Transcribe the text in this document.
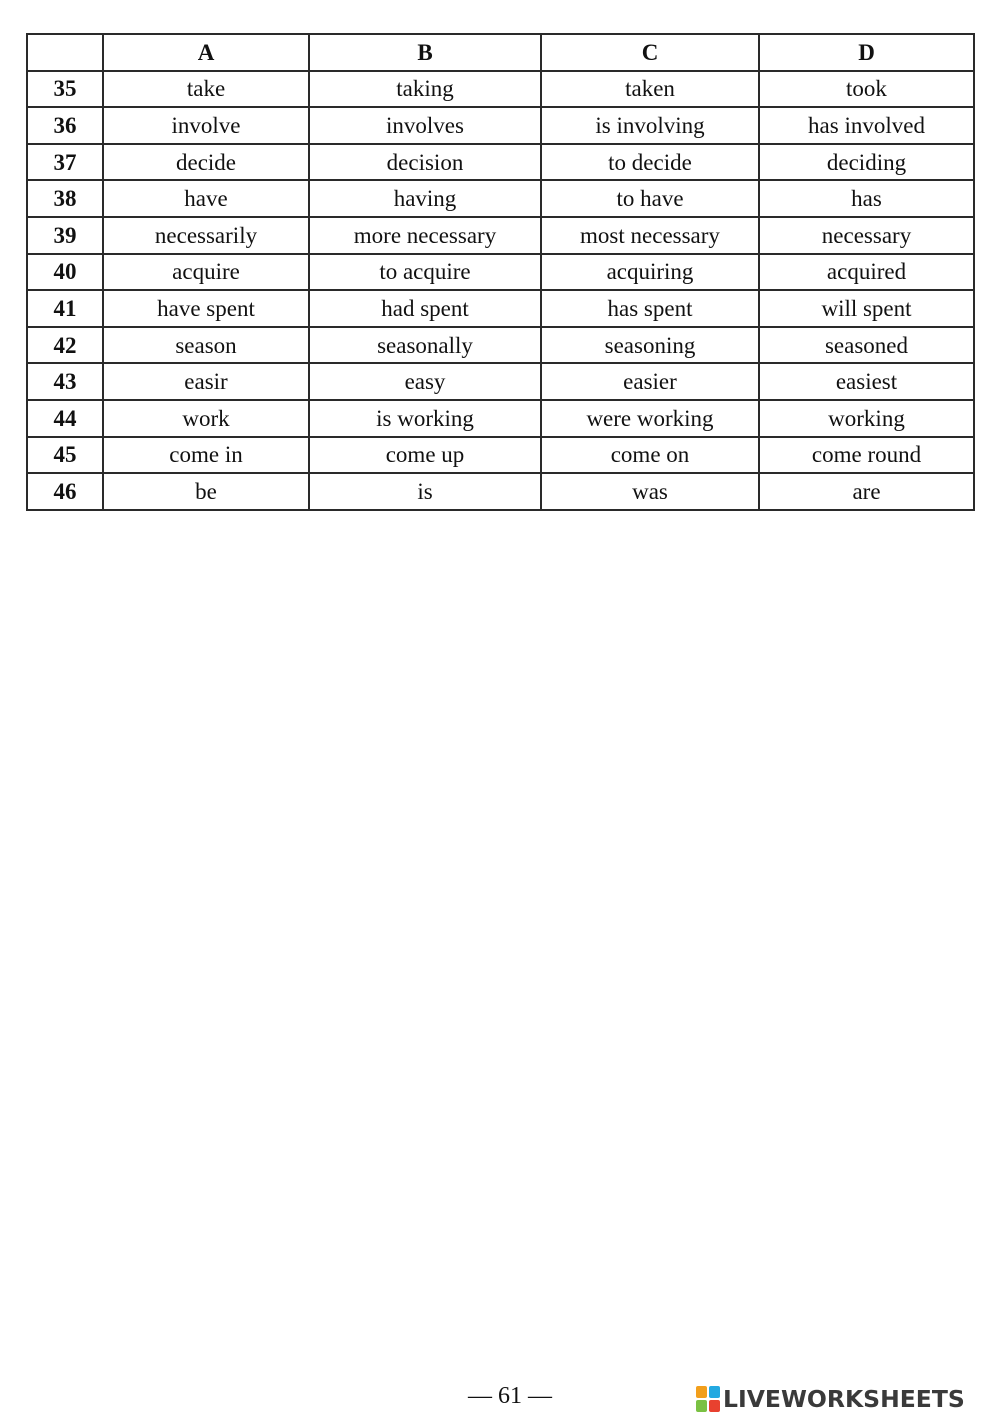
	A	B	C	D
35	take	taking	taken	took
36	involve	involves	is involving	has involved
37	decide	decision	to decide	deciding
38	have	having	to have	has
39	necessarily	more necessary	most necessary	necessary
40	acquire	to acquire	acquiring	acquired
41	have spent	had spent	has spent	will spent
42	season	seasonally	seasoning	seasoned
43	easir	easy	easier	easiest
44	work	is working	were working	working
45	come in	come up	come on	come round
46	be	is	was	are
— 61 —	LIVEWORKSHEETS
